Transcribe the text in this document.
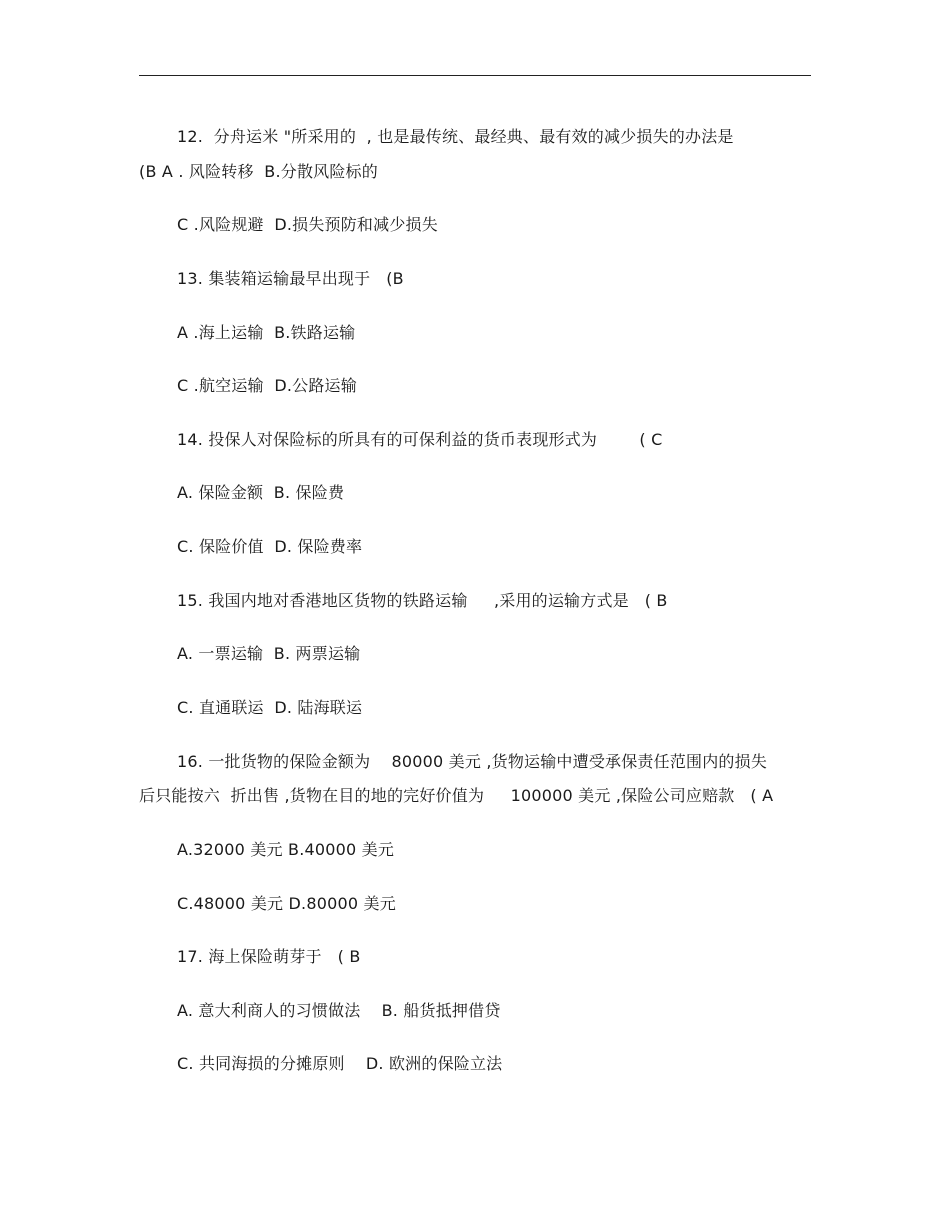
12.  分舟运米 "所采用的  , 也是最传统、最经典、最有效的减少损失的办法是
(B A . 风险转移  B.分散风险标的
C .风险规避  D.损失预防和减少损失
13. 集装箱运输最早出现于   (B
A .海上运输  B.铁路运输
C .航空运输  D.公路运输
14. 投保人对保险标的所具有的可保利益的货币表现形式为        ( C
A. 保险金额  B. 保险费
C. 保险价值  D. 保险费率
15. 我国内地对香港地区货物的铁路运输     ,采用的运输方式是   ( B
A. 一票运输  B. 两票运输
C. 直通联运  D. 陆海联运
16. 一批货物的保险金额为    80000 美元 ,货物运输中遭受承保责任范围内的损失
后只能按六  折出售 ,货物在目的地的完好价值为     100000 美元 ,保险公司应赔款   ( A
A.32000 美元 B.40000 美元
C.48000 美元 D.80000 美元
17. 海上保险萌芽于   ( B
A. 意大利商人的习惯做法    B. 船货抵押借贷
C. 共同海损的分摊原则    D. 欧洲的保险立法
